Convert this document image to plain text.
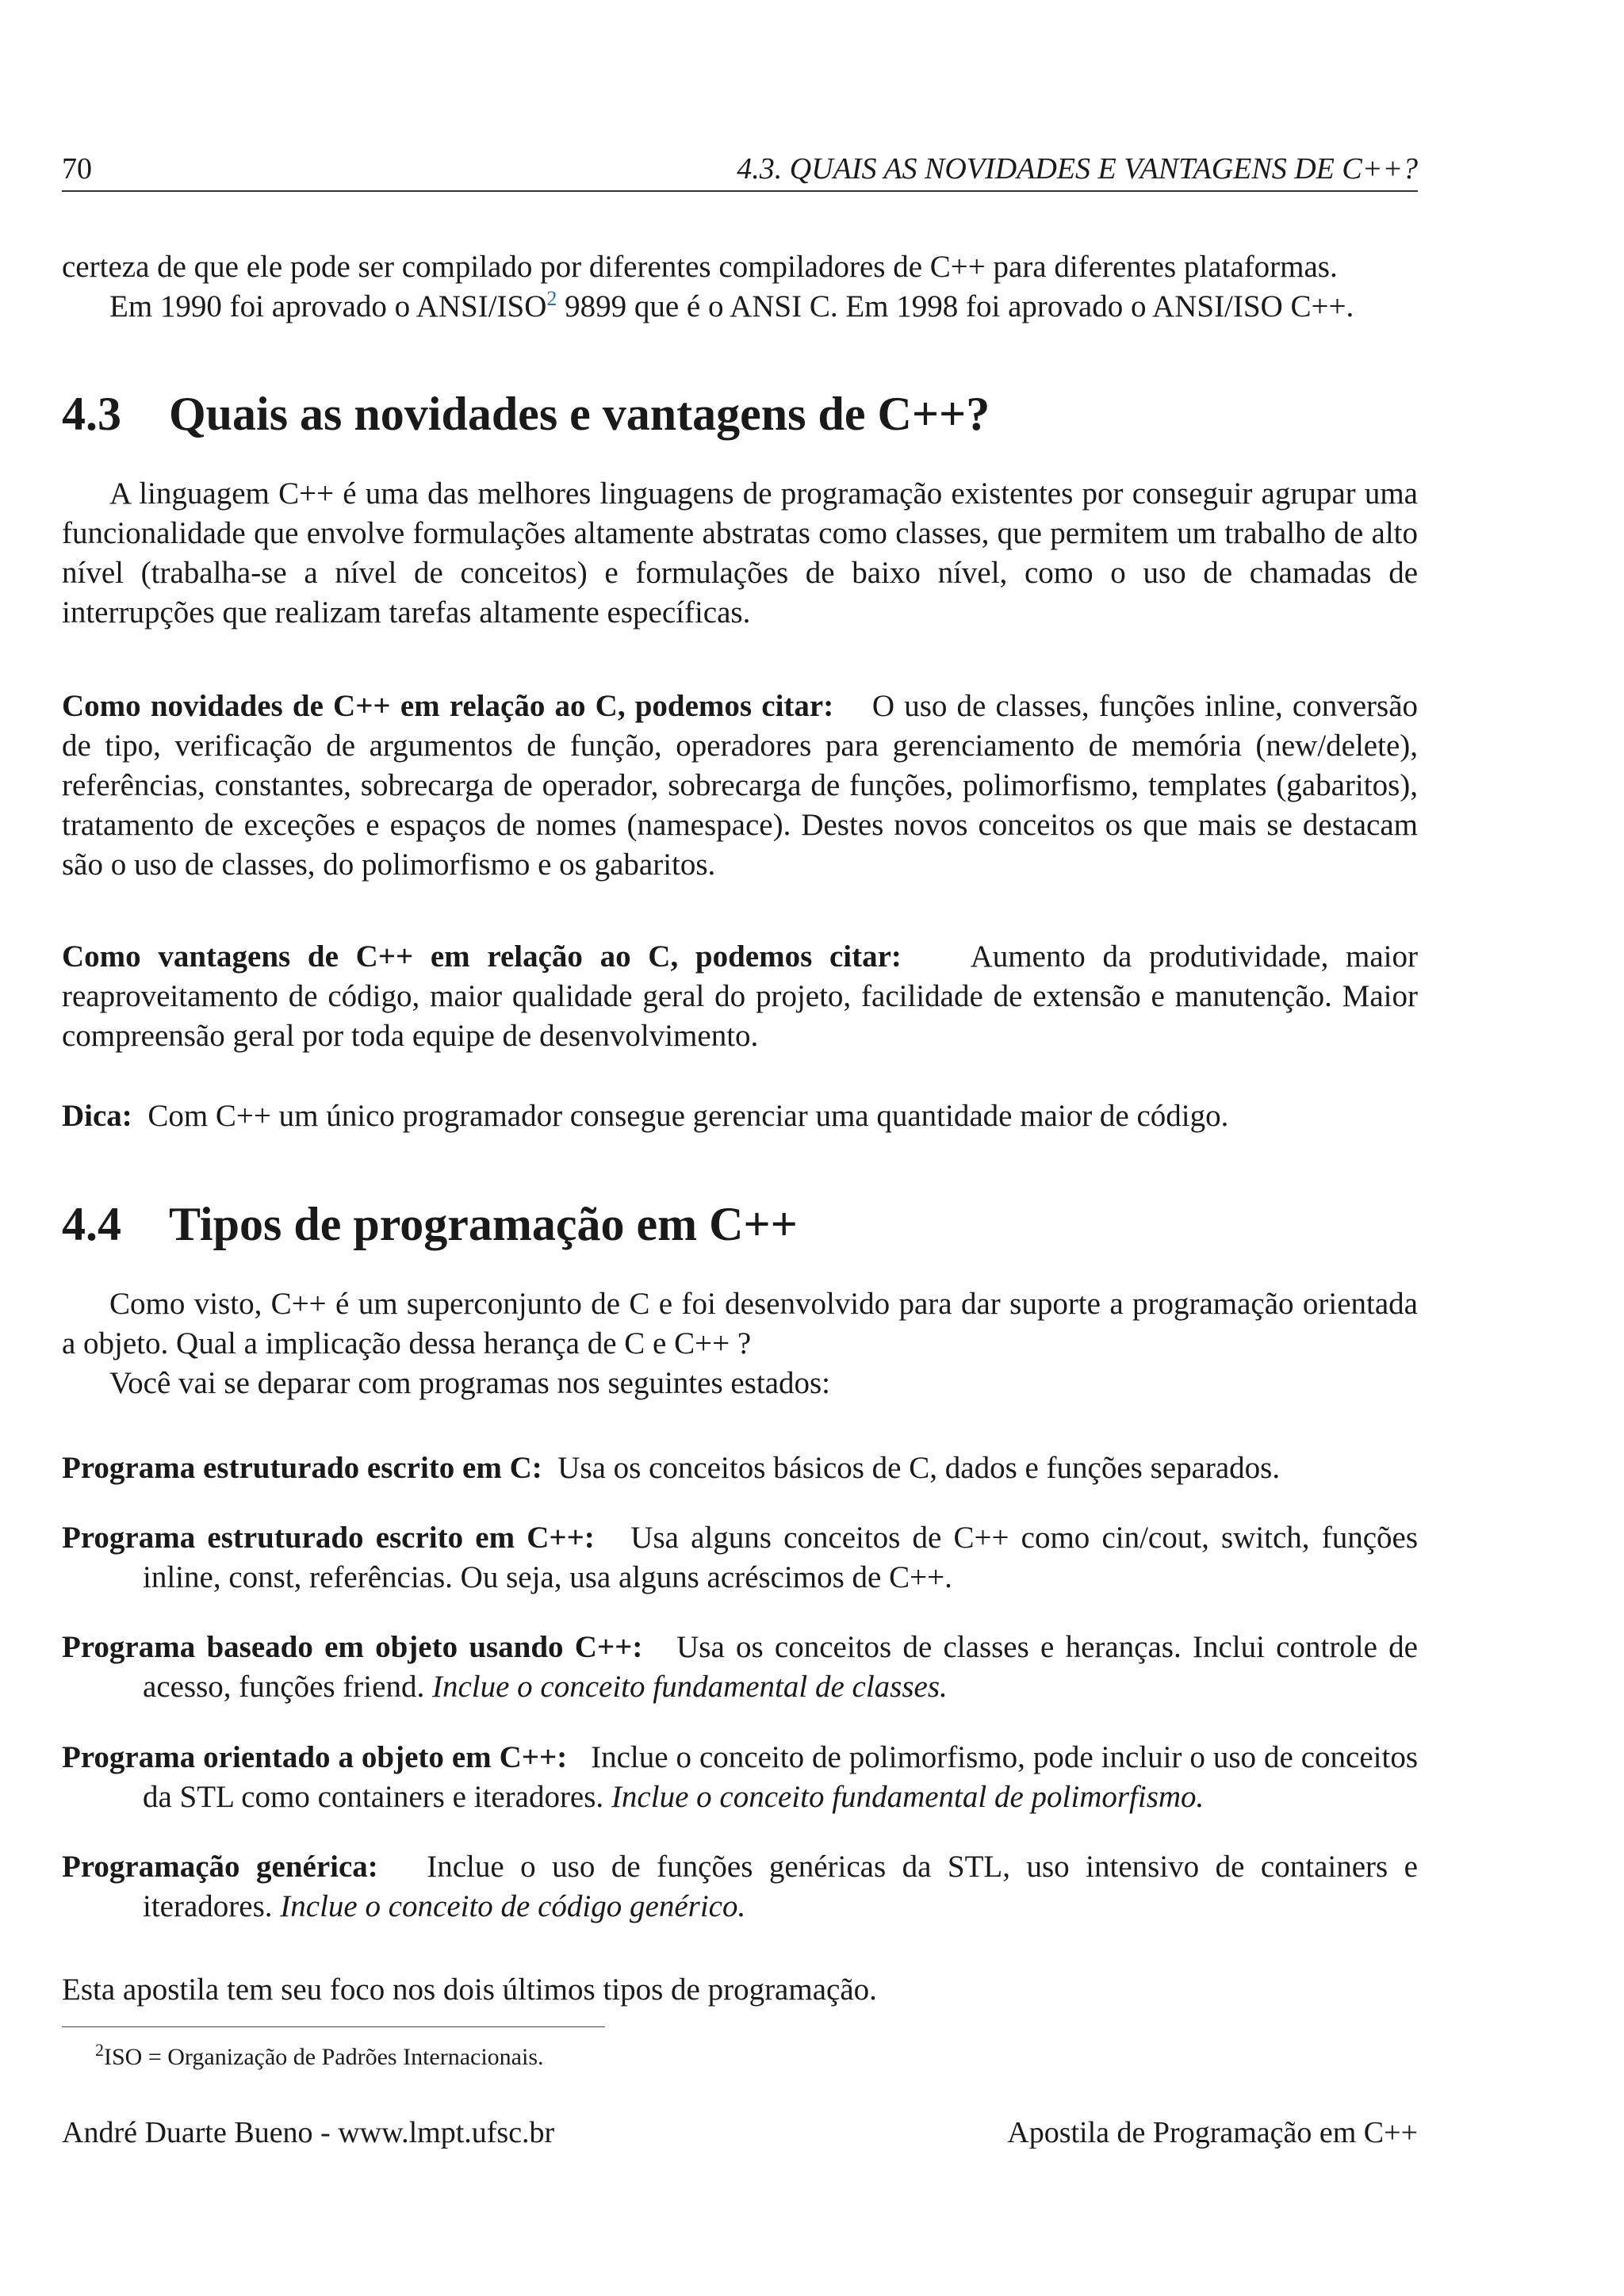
70	4.3. QUAIS AS NOVIDADES E VANTAGENS DE C++?

certeza de que ele pode ser compilado por diferentes compiladores de C++ para diferentes plataformas.

Em 1990 foi aprovado o ANSI/ISO$^2$ 9899 que é o ANSI C. Em 1998 foi aprovado o ANSI/ISO C++.

4.3 Quais as novidades e vantagens de C++?

A linguagem C++ é uma das melhores linguagens de programação existentes por conseguir agrupar uma funcionalidade que envolve formulações altamente abstratas como classes, que permitem um trabalho de alto nível (trabalha-se a nível de conceitos) e formulações de baixo nível, como o uso de chamadas de interrupções que realizam tarefas altamente específicas.

Como novidades de C++ em relação ao C, podemos citar: O uso de classes, funções inline, conversão de tipo, verificação de argumentos de função, operadores para gerenciamento de memória (new/delete), referências, constantes, sobrecarga de operador, sobrecarga de funções, polimorfismo, templates (gabaritos), tratamento de exceções e espaços de nomes (namespace). Destes novos conceitos os que mais se destacam são o uso de classes, do polimorfismo e os gabaritos.

Como vantagens de C++ em relação ao C, podemos citar: Aumento da produtividade, maior reaproveitamento de código, maior qualidade geral do projeto, facilidade de extensão e manutenção. Maior compreensão geral por toda equipe de desenvolvimento.

Dica: Com C++ um único programador consegue gerenciar uma quantidade maior de código.

4.4 Tipos de programação em C++

Como visto, C++ é um superconjunto de C e foi desenvolvido para dar suporte a programação orientada a objeto. Qual a implicação dessa herança de C e C++ ?

Você vai se deparar com programas nos seguintes estados:

Programa estruturado escrito em C: Usa os conceitos básicos de C, dados e funções separados.

Programa estruturado escrito em C++: Usa alguns conceitos de C++ como cin/cout, switch, funções inline, const, referências. Ou seja, usa alguns acréscimos de C++.

Programa baseado em objeto usando C++: Usa os conceitos de classes e heranças. Inclui controle de acesso, funções friend. Inclue o conceito fundamental de classes.

Programa orientado a objeto em C++: Inclue o conceito de polimorfismo, pode incluir o uso de conceitos da STL como containers e iteradores. Inclue o conceito fundamental de polimorfismo.

Programação genérica: Inclue o uso de funções genéricas da STL, uso intensivo de containers e iteradores. Inclue o conceito de código genérico.

Esta apostila tem seu foco nos dois últimos tipos de programação.

$^2$ISO = Organização de Padrões Internacionais.
André Duarte Bueno - www.lmpt.ufsc.br	Apostila de Programação em C++
